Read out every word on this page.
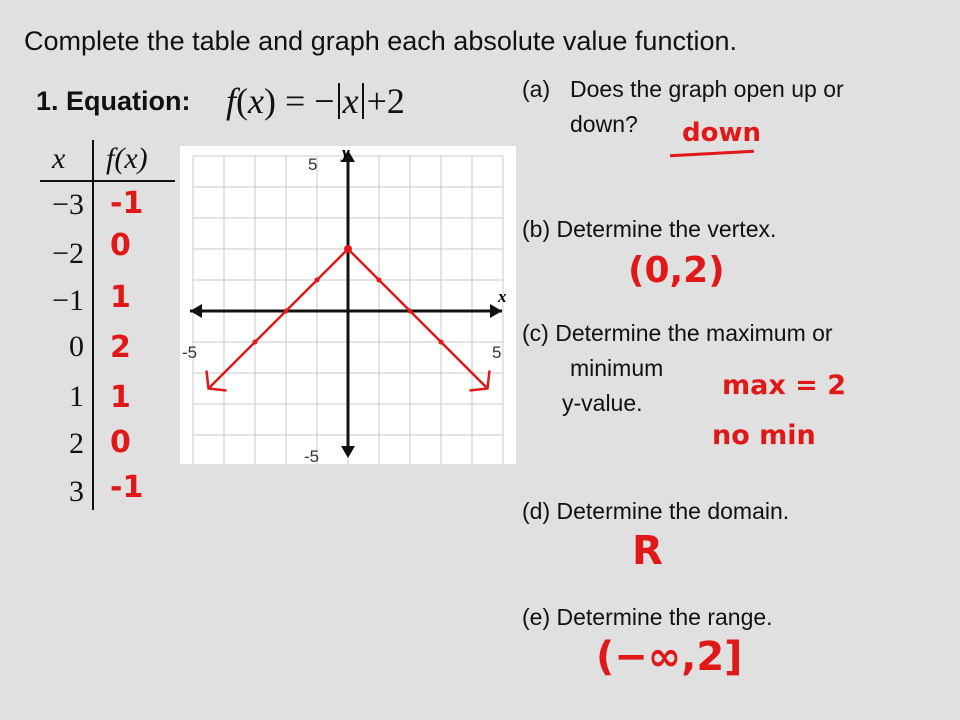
Complete the table and graph each absolute value function.
1. Equation: f(x) = − x +2
x f(x)
−3 -1
−2 0
−1 1
0 2
1 1
2 0
3 -1
x
y
-5	5
5
-5
(a) Does the graph open up or

down? down
(b) Determine the vertex.
(0,2)
(c) Determine the maximum or
minimum
y-value.
max = 2
no min
(d) Determine the domain.
R
(e) Determine the range.
(−∞,2]
